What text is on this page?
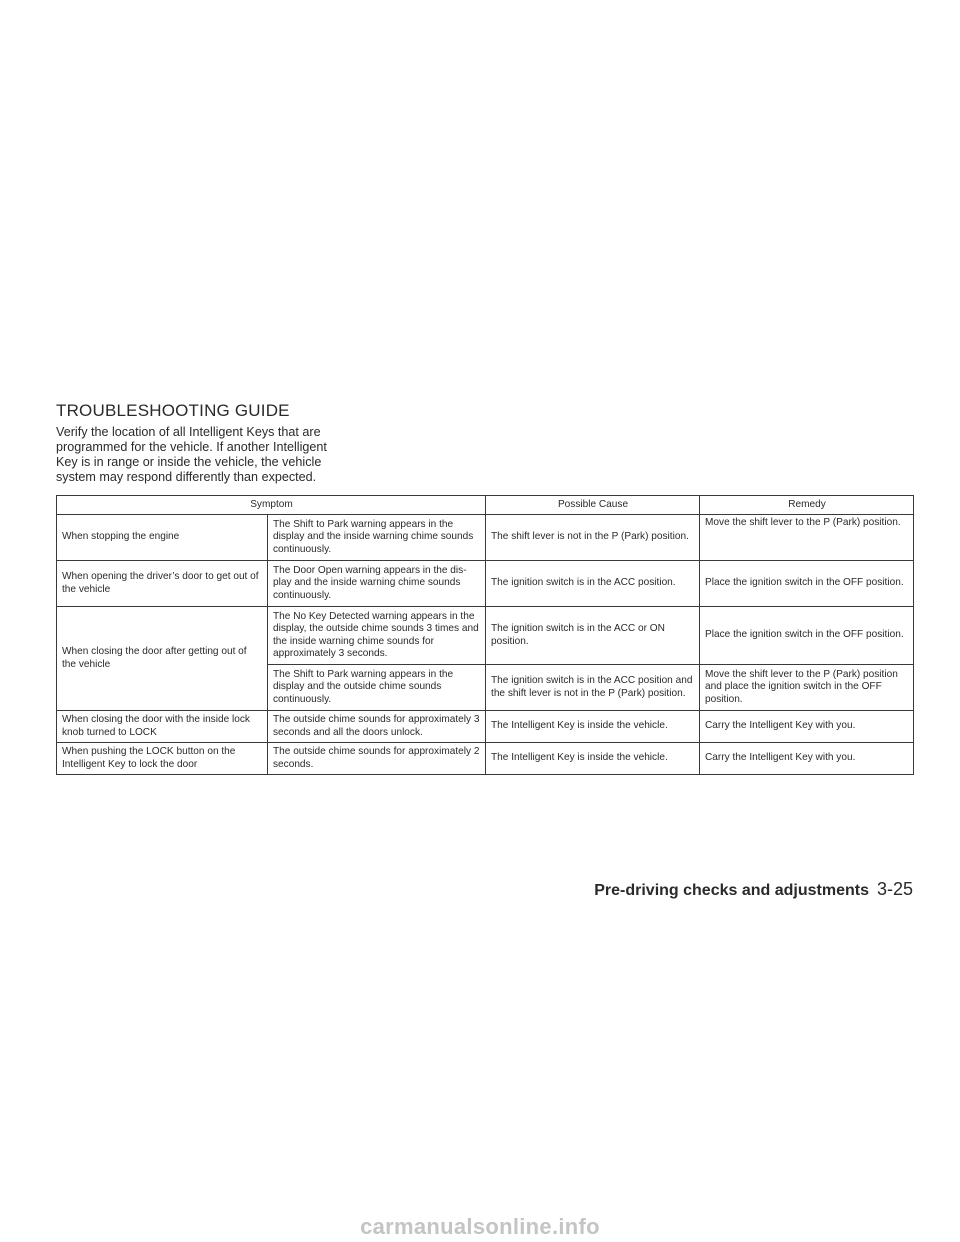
TROUBLESHOOTING GUIDE

Verify the location of all Intelligent Keys that are programmed for the vehicle. If another Intelligent Key is in range or inside the vehicle, the vehicle system may respond differently than expected.

Symptom		Possible Cause	Remedy
When stopping the engine	The Shift to Park warning appears in the display and the inside warning chime sounds continuously.	The shift lever is not in the P (Park) position.	Move the shift lever to the P (Park) position.
When opening the driver’s door to get out of the vehicle	The Door Open warning appears in the dis- play and the inside warning chime sounds continuously.	The ignition switch is in the ACC position.	Place the ignition switch in the OFF position.
When closing the door after getting out of the vehicle	The No Key Detected warning appears in the display, the outside chime sounds 3 times and the inside warning chime sounds for approximately 3 seconds.	The ignition switch is in the ACC or ON position.	Place the ignition switch in the OFF position.
	The Shift to Park warning appears in the display and the outside chime sounds continuously.	The ignition switch is in the ACC position and the shift lever is not in the P (Park) position.	Move the shift lever to the P (Park) position and place the ignition switch in the OFF position.
When closing the door with the inside lock knob turned to LOCK	The outside chime sounds for approximately 3 seconds and all the doors unlock.	The Intelligent Key is inside the vehicle.	Carry the Intelligent Key with you.
When pushing the LOCK button on the Intelligent Key to lock the door	The outside chime sounds for approximately 2 seconds.	The Intelligent Key is inside the vehicle.	Carry the Intelligent Key with you.
Pre-driving checks and adjustments 3-25
carmanualsonline.info
